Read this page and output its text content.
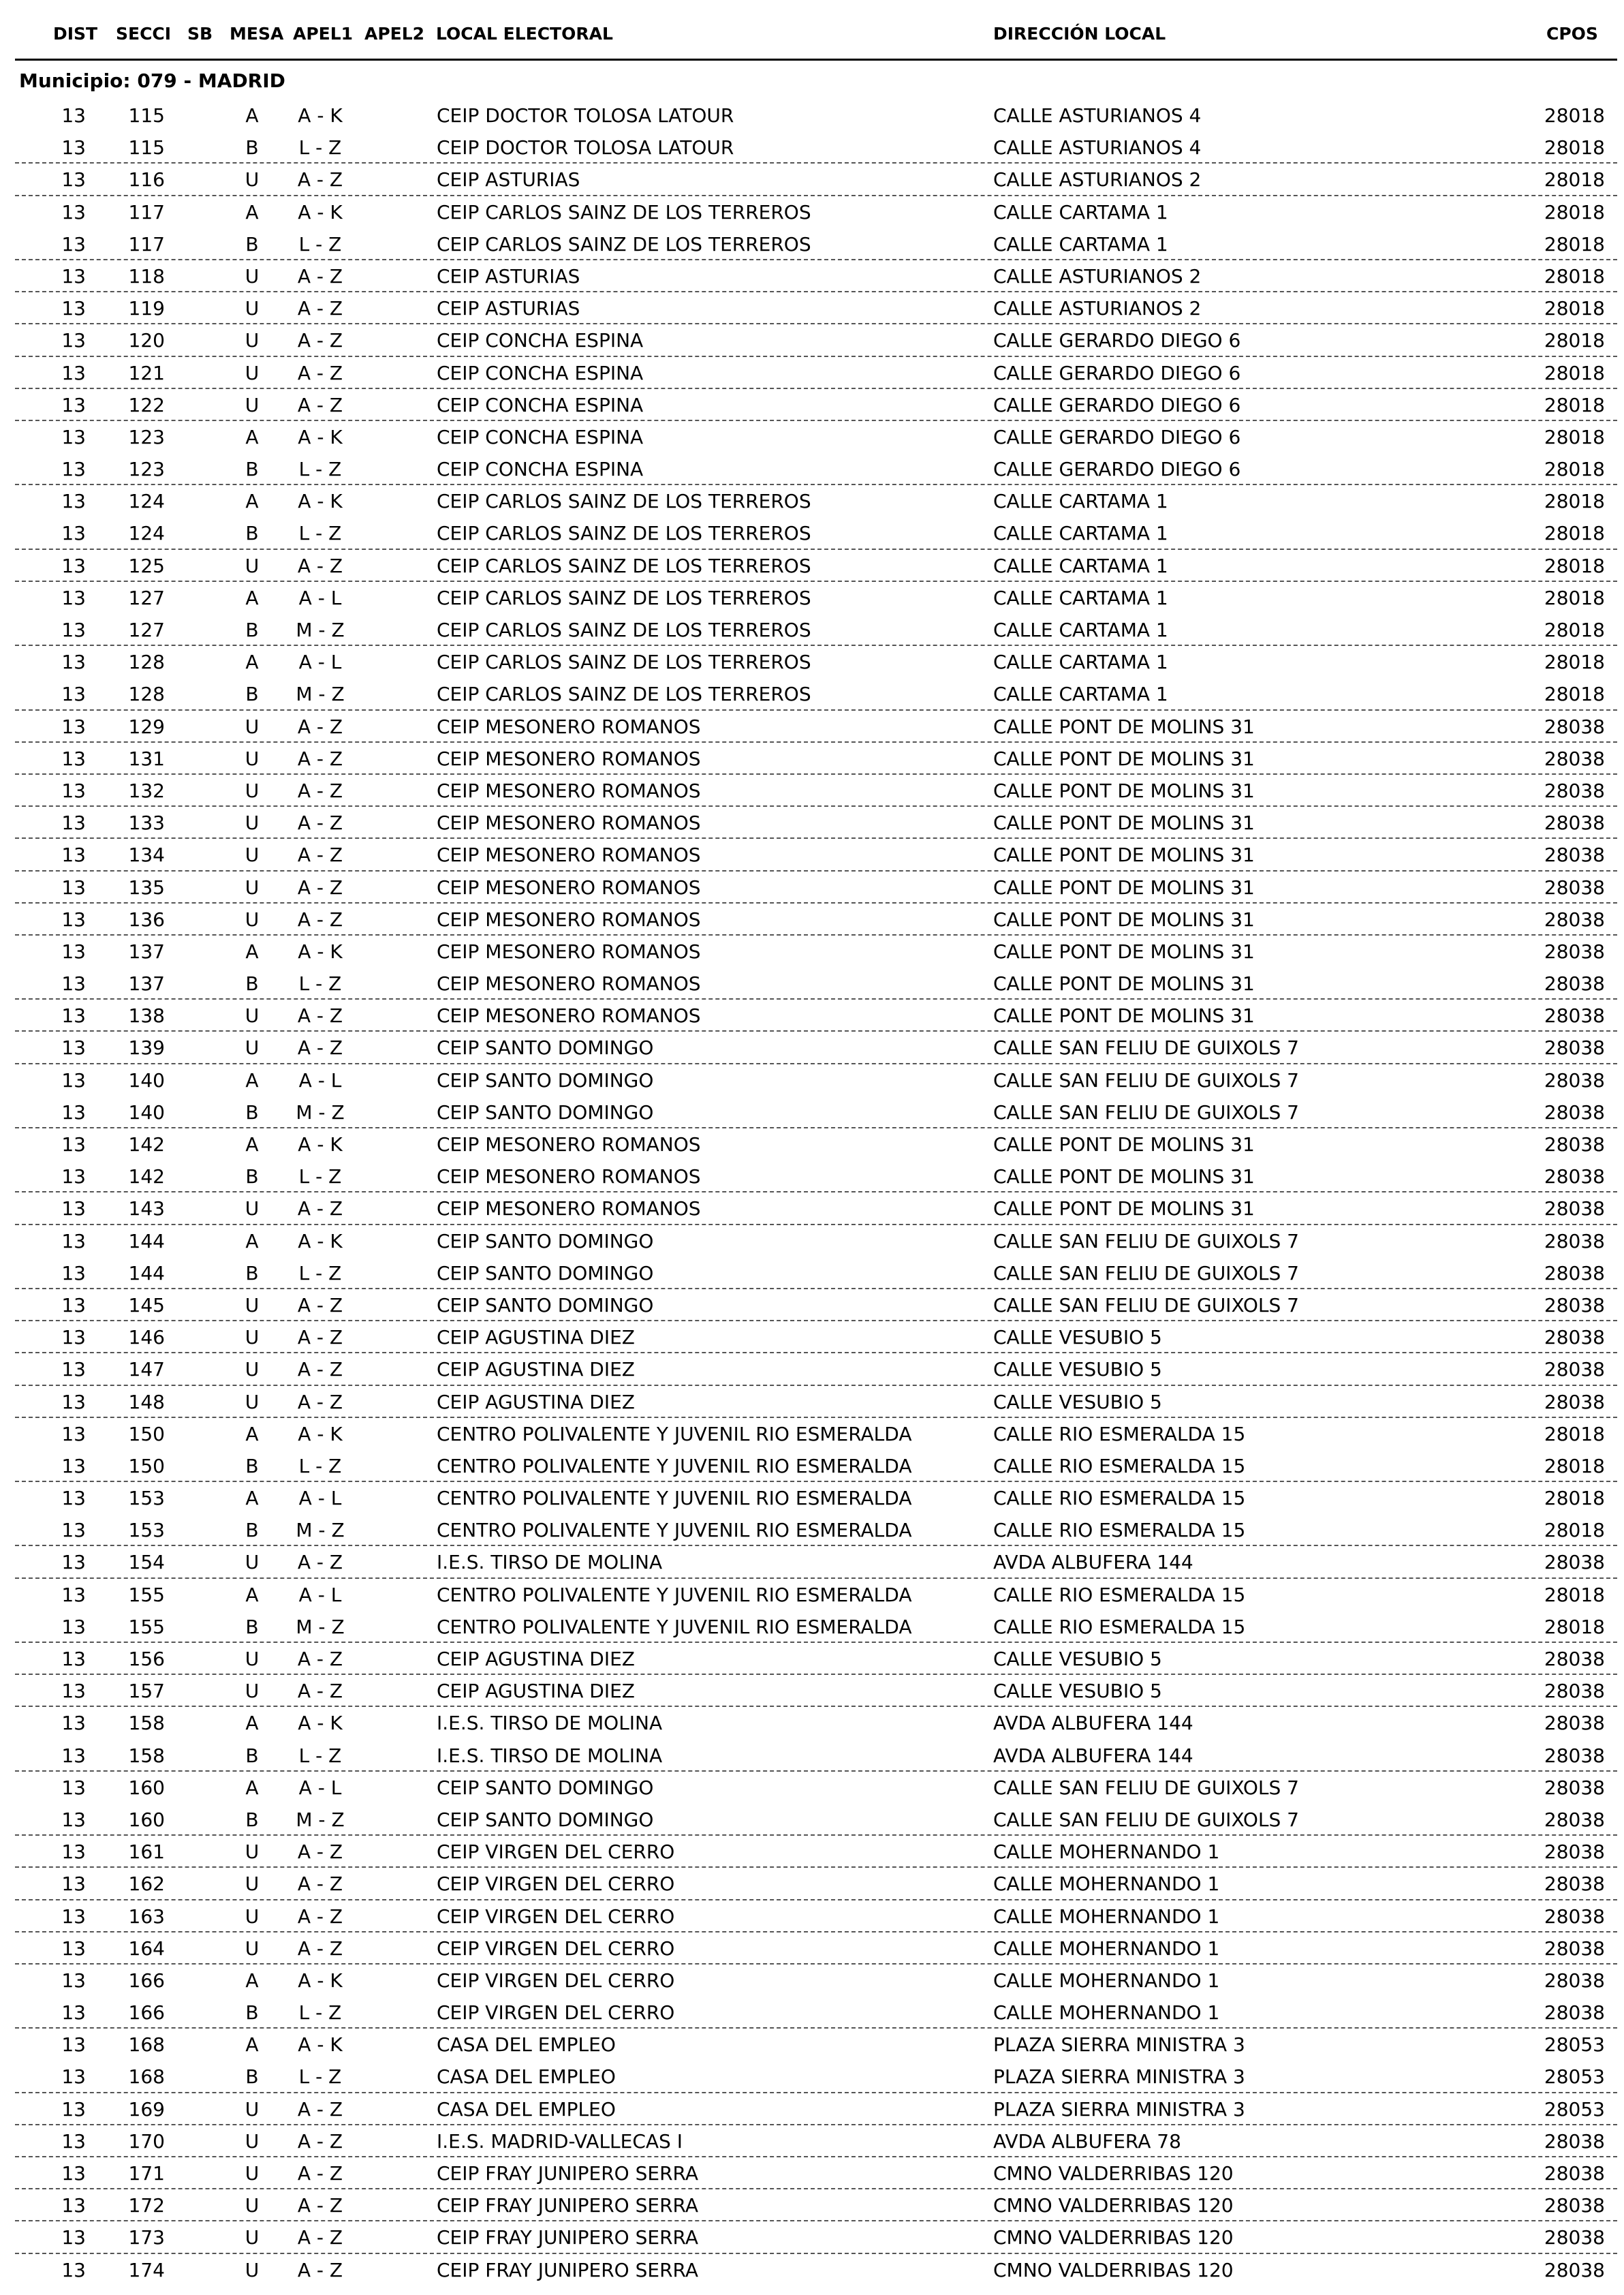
DIST SECCI SB MESA APEL1 APEL2 LOCAL ELECTORAL	DIRECCIÓN LOCAL	CPOS
Municipio: 079 - MADRID
13	115	A	A - K	CEIP DOCTOR TOLOSA LATOUR	CALLE ASTURIANOS 4	28018
13	115	B	L - Z	CEIP DOCTOR TOLOSA LATOUR	CALLE ASTURIANOS 4	28018
13	116	U	A - Z	CEIP ASTURIAS	CALLE ASTURIANOS 2	28018
13	117	A	A - K	CEIP CARLOS SAINZ DE LOS TERREROS	CALLE CARTAMA 1	28018
13	117	B	L - Z	CEIP CARLOS SAINZ DE LOS TERREROS	CALLE CARTAMA 1	28018
13	118	U	A - Z	CEIP ASTURIAS	CALLE ASTURIANOS 2	28018
13	119	U	A - Z	CEIP ASTURIAS	CALLE ASTURIANOS 2	28018
13	120	U	A - Z	CEIP CONCHA ESPINA	CALLE GERARDO DIEGO 6	28018
13	121	U	A - Z	CEIP CONCHA ESPINA	CALLE GERARDO DIEGO 6	28018
13	122	U	A - Z	CEIP CONCHA ESPINA	CALLE GERARDO DIEGO 6	28018
13	123	A	A - K	CEIP CONCHA ESPINA	CALLE GERARDO DIEGO 6	28018
13	123	B	L - Z	CEIP CONCHA ESPINA	CALLE GERARDO DIEGO 6	28018
13	124	A	A - K	CEIP CARLOS SAINZ DE LOS TERREROS	CALLE CARTAMA 1	28018
13	124	B	L - Z	CEIP CARLOS SAINZ DE LOS TERREROS	CALLE CARTAMA 1	28018
13	125	U	A - Z	CEIP CARLOS SAINZ DE LOS TERREROS	CALLE CARTAMA 1	28018
13	127	A	A - L	CEIP CARLOS SAINZ DE LOS TERREROS	CALLE CARTAMA 1	28018
13	127	B	M - Z	CEIP CARLOS SAINZ DE LOS TERREROS	CALLE CARTAMA 1	28018
13	128	A	A - L	CEIP CARLOS SAINZ DE LOS TERREROS	CALLE CARTAMA 1	28018
13	128	B	M - Z	CEIP CARLOS SAINZ DE LOS TERREROS	CALLE CARTAMA 1	28018
13	129	U	A - Z	CEIP MESONERO ROMANOS	CALLE PONT DE MOLINS 31	28038
13	131	U	A - Z	CEIP MESONERO ROMANOS	CALLE PONT DE MOLINS 31	28038
13	132	U	A - Z	CEIP MESONERO ROMANOS	CALLE PONT DE MOLINS 31	28038
13	133	U	A - Z	CEIP MESONERO ROMANOS	CALLE PONT DE MOLINS 31	28038
13	134	U	A - Z	CEIP MESONERO ROMANOS	CALLE PONT DE MOLINS 31	28038
13	135	U	A - Z	CEIP MESONERO ROMANOS	CALLE PONT DE MOLINS 31	28038
13	136	U	A - Z	CEIP MESONERO ROMANOS	CALLE PONT DE MOLINS 31	28038
13	137	A	A - K	CEIP MESONERO ROMANOS	CALLE PONT DE MOLINS 31	28038
13	137	B	L - Z	CEIP MESONERO ROMANOS	CALLE PONT DE MOLINS 31	28038
13	138	U	A - Z	CEIP MESONERO ROMANOS	CALLE PONT DE MOLINS 31	28038
13	139	U	A - Z	CEIP SANTO DOMINGO	CALLE SAN FELIU DE GUIXOLS 7	28038
13	140	A	A - L	CEIP SANTO DOMINGO	CALLE SAN FELIU DE GUIXOLS 7	28038
13	140	B	M - Z	CEIP SANTO DOMINGO	CALLE SAN FELIU DE GUIXOLS 7	28038
13	142	A	A - K	CEIP MESONERO ROMANOS	CALLE PONT DE MOLINS 31	28038
13	142	B	L - Z	CEIP MESONERO ROMANOS	CALLE PONT DE MOLINS 31	28038
13	143	U	A - Z	CEIP MESONERO ROMANOS	CALLE PONT DE MOLINS 31	28038
13	144	A	A - K	CEIP SANTO DOMINGO	CALLE SAN FELIU DE GUIXOLS 7	28038
13	144	B	L - Z	CEIP SANTO DOMINGO	CALLE SAN FELIU DE GUIXOLS 7	28038
13	145	U	A - Z	CEIP SANTO DOMINGO	CALLE SAN FELIU DE GUIXOLS 7	28038
13	146	U	A - Z	CEIP AGUSTINA DIEZ	CALLE VESUBIO 5	28038
13	147	U	A - Z	CEIP AGUSTINA DIEZ	CALLE VESUBIO 5	28038
13	148	U	A - Z	CEIP AGUSTINA DIEZ	CALLE VESUBIO 5	28038
13	150	A	A - K	CENTRO POLIVALENTE Y JUVENIL RIO ESMERALDA	CALLE RIO ESMERALDA 15	28018
13	150	B	L - Z	CENTRO POLIVALENTE Y JUVENIL RIO ESMERALDA	CALLE RIO ESMERALDA 15	28018
13	153	A	A - L	CENTRO POLIVALENTE Y JUVENIL RIO ESMERALDA	CALLE RIO ESMERALDA 15	28018
13	153	B	M - Z	CENTRO POLIVALENTE Y JUVENIL RIO ESMERALDA	CALLE RIO ESMERALDA 15	28018
13	154	U	A - Z	I.E.S. TIRSO DE MOLINA	AVDA ALBUFERA 144	28038
13	155	A	A - L	CENTRO POLIVALENTE Y JUVENIL RIO ESMERALDA	CALLE RIO ESMERALDA 15	28018
13	155	B	M - Z	CENTRO POLIVALENTE Y JUVENIL RIO ESMERALDA	CALLE RIO ESMERALDA 15	28018
13	156	U	A - Z	CEIP AGUSTINA DIEZ	CALLE VESUBIO 5	28038
13	157	U	A - Z	CEIP AGUSTINA DIEZ	CALLE VESUBIO 5	28038
13	158	A	A - K	I.E.S. TIRSO DE MOLINA	AVDA ALBUFERA 144	28038
13	158	B	L - Z	I.E.S. TIRSO DE MOLINA	AVDA ALBUFERA 144	28038
13	160	A	A - L	CEIP SANTO DOMINGO	CALLE SAN FELIU DE GUIXOLS 7	28038
13	160	B	M - Z	CEIP SANTO DOMINGO	CALLE SAN FELIU DE GUIXOLS 7	28038
13	161	U	A - Z	CEIP VIRGEN DEL CERRO	CALLE MOHERNANDO 1	28038
13	162	U	A - Z	CEIP VIRGEN DEL CERRO	CALLE MOHERNANDO 1	28038
13	163	U	A - Z	CEIP VIRGEN DEL CERRO	CALLE MOHERNANDO 1	28038
13	164	U	A - Z	CEIP VIRGEN DEL CERRO	CALLE MOHERNANDO 1	28038
13	166	A	A - K	CEIP VIRGEN DEL CERRO	CALLE MOHERNANDO 1	28038
13	166	B	L - Z	CEIP VIRGEN DEL CERRO	CALLE MOHERNANDO 1	28038
13	168	A	A - K	CASA DEL EMPLEO	PLAZA SIERRA MINISTRA 3	28053
13	168	B	L - Z	CASA DEL EMPLEO	PLAZA SIERRA MINISTRA 3	28053
13	169	U	A - Z	CASA DEL EMPLEO	PLAZA SIERRA MINISTRA 3	28053
13	170	U	A - Z	I.E.S. MADRID-VALLECAS I	AVDA ALBUFERA 78	28038
13	171	U	A - Z	CEIP FRAY JUNIPERO SERRA	CMNO VALDERRIBAS 120	28038
13	172	U	A - Z	CEIP FRAY JUNIPERO SERRA	CMNO VALDERRIBAS 120	28038
13	173	U	A - Z	CEIP FRAY JUNIPERO SERRA	CMNO VALDERRIBAS 120	28038
13	174	U	A - Z	CEIP FRAY JUNIPERO SERRA	CMNO VALDERRIBAS 120	28038
